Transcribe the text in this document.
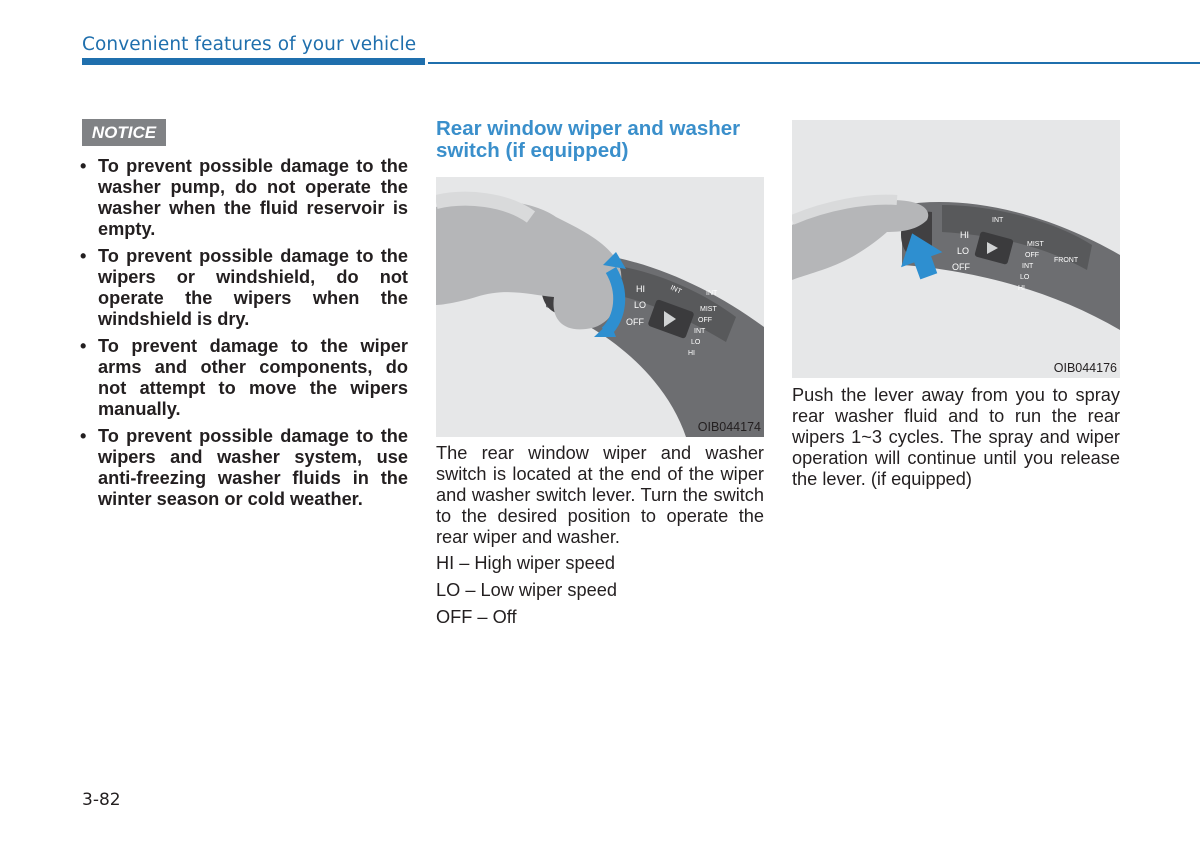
Convenient features of your vehicle
NOTICE
• To prevent possible damage to the washer pump, do not operate the washer when the fluid reservoir is empty.
• To prevent possible damage to the wipers or windshield, do not operate the wipers when the windshield is dry.
• To prevent damage to the wiper arms and other components, do not attempt to move the wipers manually.
• To prevent possible damage to the wipers and washer system, use anti-freezing washer fluids in the winter season or cold weather.
Rear window wiper and washer switch (if equipped)
HI
LO
OFF
INT
MIST
OFF
INT
LO
HI
INT
OIB044174
The rear window wiper and washer switch is located at the end of the wiper and washer switch lever. Turn the switch to the desired position to operate the rear wiper and washer.
HI – High wiper speed
LO – Low wiper speed
OFF – Off
HI
LO
OFF
INT
MIST
OFF
INT
LO
HI
FRONT
OIB044176
Push the lever away from you to spray rear washer fluid and to run the rear wipers 1~3 cycles. The spray and wiper operation will continue until you release the lever. (if equipped)
3-82
